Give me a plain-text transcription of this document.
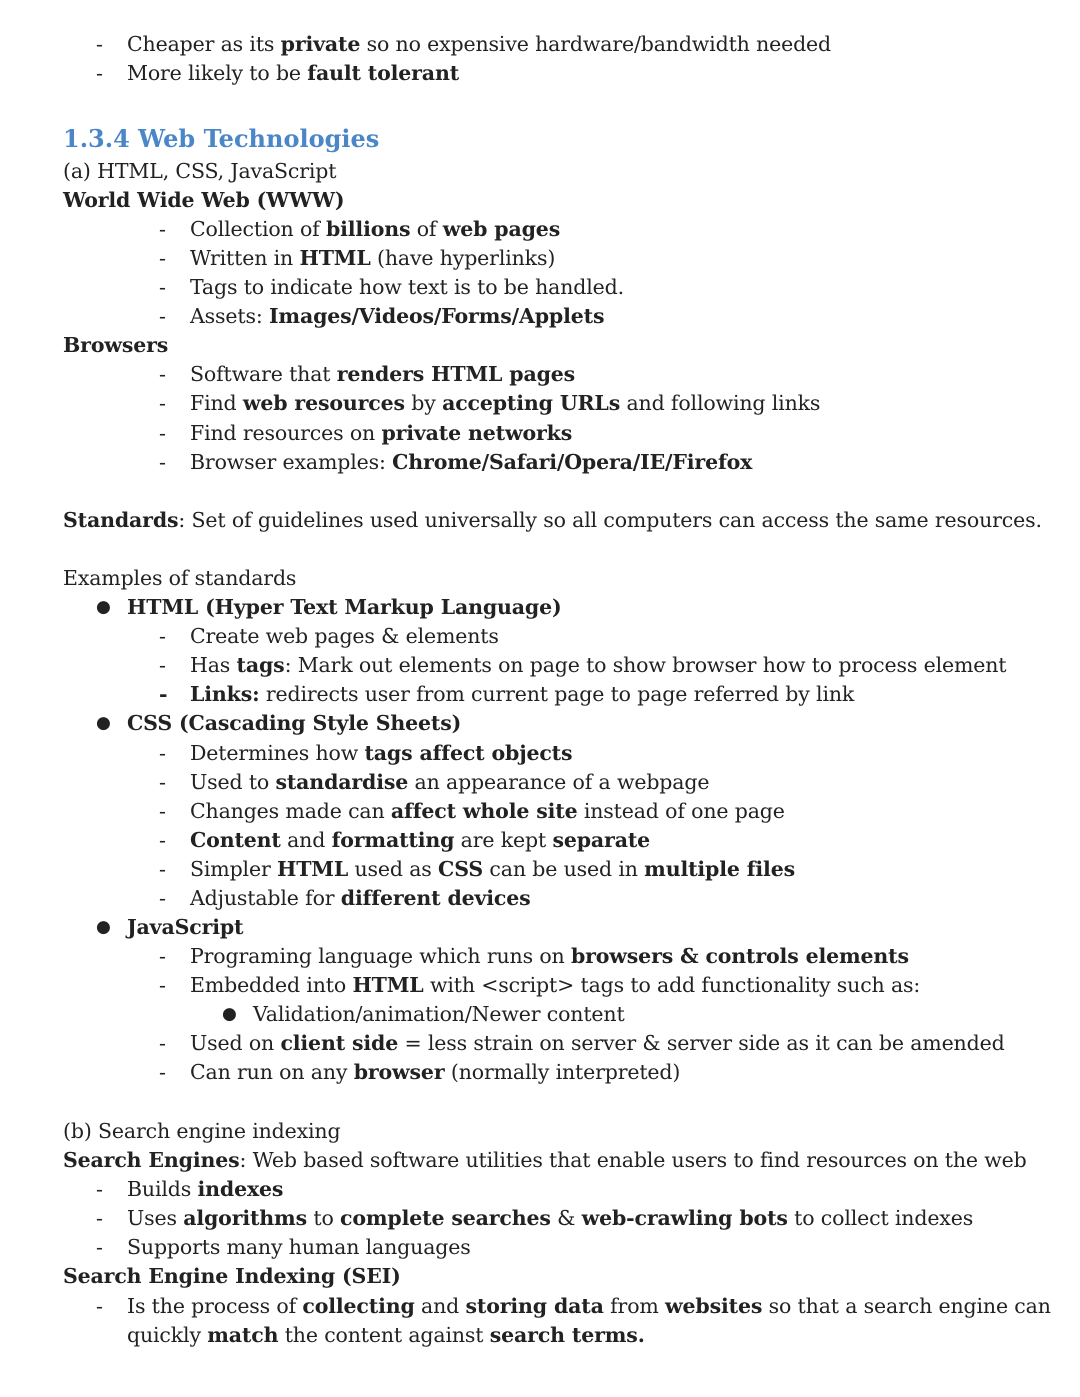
- Cheaper as its private so no expensive hardware/bandwidth needed
- More likely to be fault tolerant
1.3.4 Web Technologies
(a) HTML, CSS, JavaScript
World Wide Web (WWW)
- Collection of billions of web pages
- Written in HTML (have hyperlinks)
- Tags to indicate how text is to be handled.
- Assets: Images/Videos/Forms/Applets
Browsers
- Software that renders HTML pages
- Find web resources by accepting URLs and following links
- Find resources on private networks
- Browser examples: Chrome/Safari/Opera/IE/Firefox
Standards: Set of guidelines used universally so all computers can access the same resources.
Examples of standards
● HTML (Hyper Text Markup Language)
- Create web pages & elements
- Has tags: Mark out elements on page to show browser how to process element
- Links: redirects user from current page to page referred by link
● CSS (Cascading Style Sheets)
- Determines how tags affect objects
- Used to standardise an appearance of a webpage
- Changes made can affect whole site instead of one page
- Content and formatting are kept separate
- Simpler HTML used as CSS can be used in multiple files
- Adjustable for different devices
● JavaScript
- Programing language which runs on browsers & controls elements
- Embedded into HTML with <script> tags to add functionality such as:
● Validation/animation/Newer content
- Used on client side = less strain on server & server side as it can be amended
- Can run on any browser (normally interpreted)
(b) Search engine indexing
Search Engines: Web based software utilities that enable users to find resources on the web
- Builds indexes
- Uses algorithms to complete searches & web-crawling bots to collect indexes
- Supports many human languages
Search Engine Indexing (SEI)
- Is the process of collecting and storing data from websites so that a search engine can
quickly match the content against search terms.
